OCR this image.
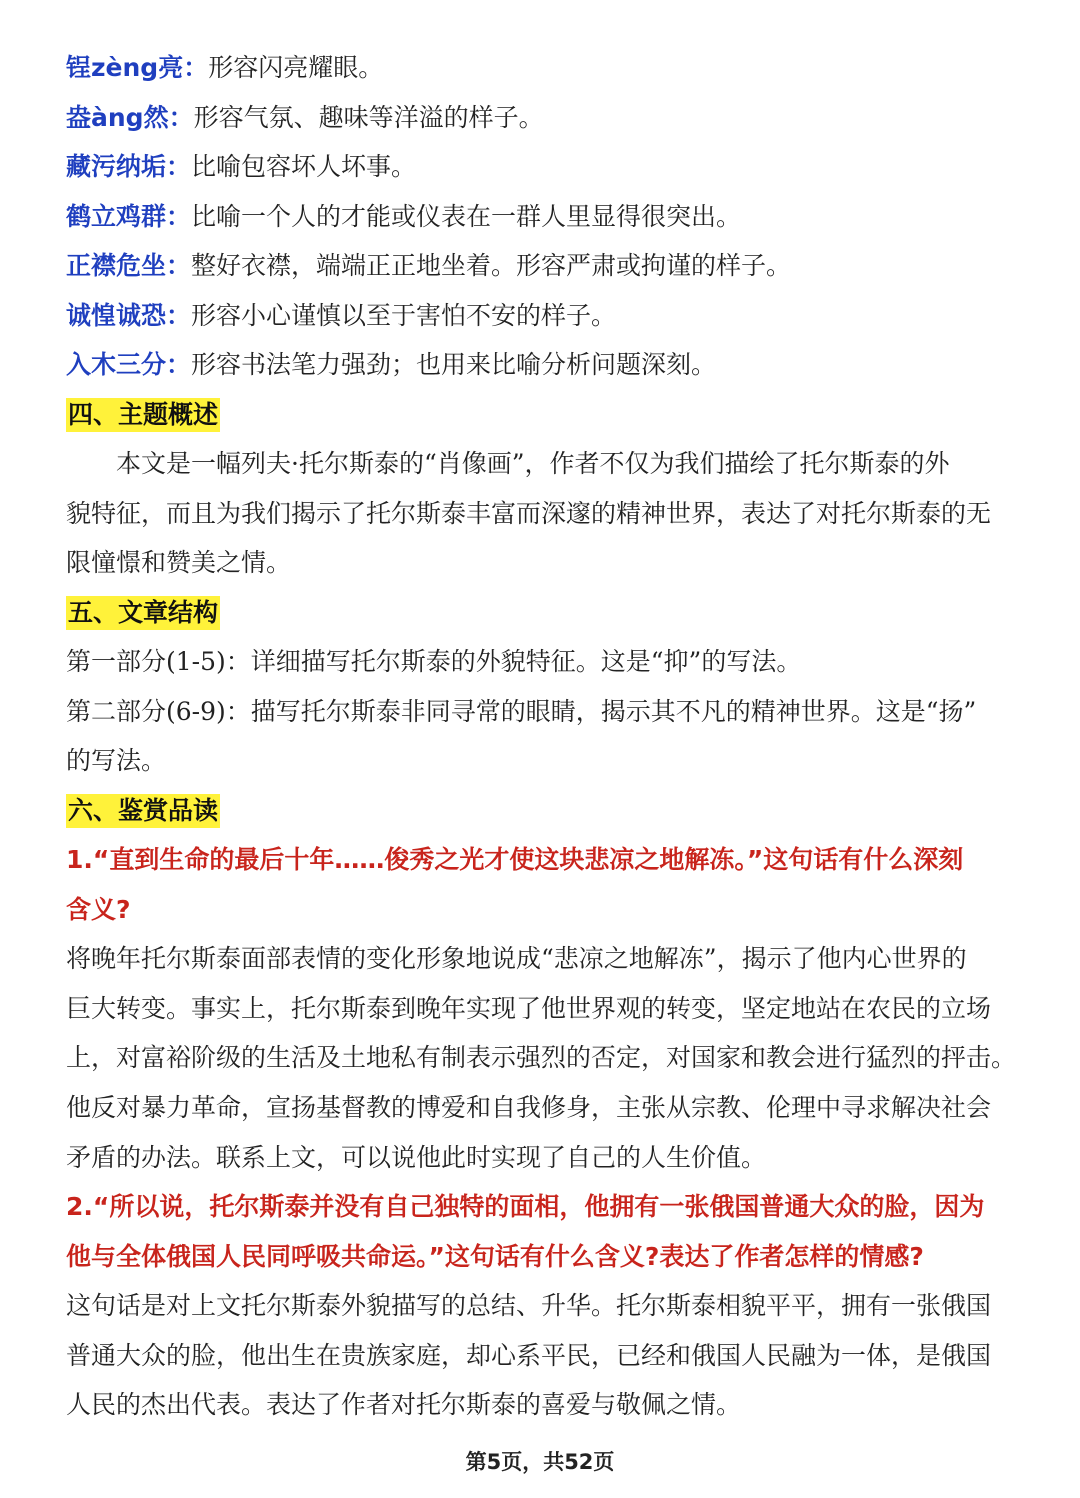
锃zèng亮：形容闪亮耀眼。
盎àng然：形容气氛、趣味等洋溢的样子。
藏污纳垢：比喻包容坏人坏事。
鹤立鸡群：比喻一个人的才能或仪表在一群人里显得很突出。
正襟危坐：整好衣襟，端端正正地坐着。形容严肃或拘谨的样子。
诚惶诚恐：形容小心谨慎以至于害怕不安的样子。
入木三分：形容书法笔力强劲；也用来比喻分析问题深刻。
四、主题概述
本文是一幅列夫·托尔斯泰的“肖像画”，作者不仅为我们描绘了托尔斯泰的外
貌特征，而且为我们揭示了托尔斯泰丰富而深邃的精神世界，表达了对托尔斯泰的无
限憧憬和赞美之情。
五、文章结构
第一部分(1-5)：详细描写托尔斯泰的外貌特征。这是“抑”的写法。
第二部分(6-9)：描写托尔斯泰非同寻常的眼睛，揭示其不凡的精神世界。这是“扬”
的写法。
六、鉴赏品读
1.“直到生命的最后十年……俊秀之光才使这块悲凉之地解冻。”这句话有什么深刻
含义?
将晚年托尔斯泰面部表情的变化形象地说成“悲凉之地解冻”，揭示了他内心世界的
巨大转变。事实上，托尔斯泰到晚年实现了他世界观的转变，坚定地站在农民的立场
上，对富裕阶级的生活及土地私有制表示强烈的否定，对国家和教会进行猛烈的抨击。
他反对暴力革命，宣扬基督教的博爱和自我修身，主张从宗教、伦理中寻求解决社会
矛盾的办法。联系上文，可以说他此时实现了自己的人生价值。
2.“所以说，托尔斯泰并没有自己独特的面相，他拥有一张俄国普通大众的脸，因为
他与全体俄国人民同呼吸共命运。”这句话有什么含义?表达了作者怎样的情感?
这句话是对上文托尔斯泰外貌描写的总结、升华。托尔斯泰相貌平平，拥有一张俄国
普通大众的脸，他出生在贵族家庭，却心系平民，已经和俄国人民融为一体，是俄国
人民的杰出代表。表达了作者对托尔斯泰的喜爱与敬佩之情。
第5页，共52页
